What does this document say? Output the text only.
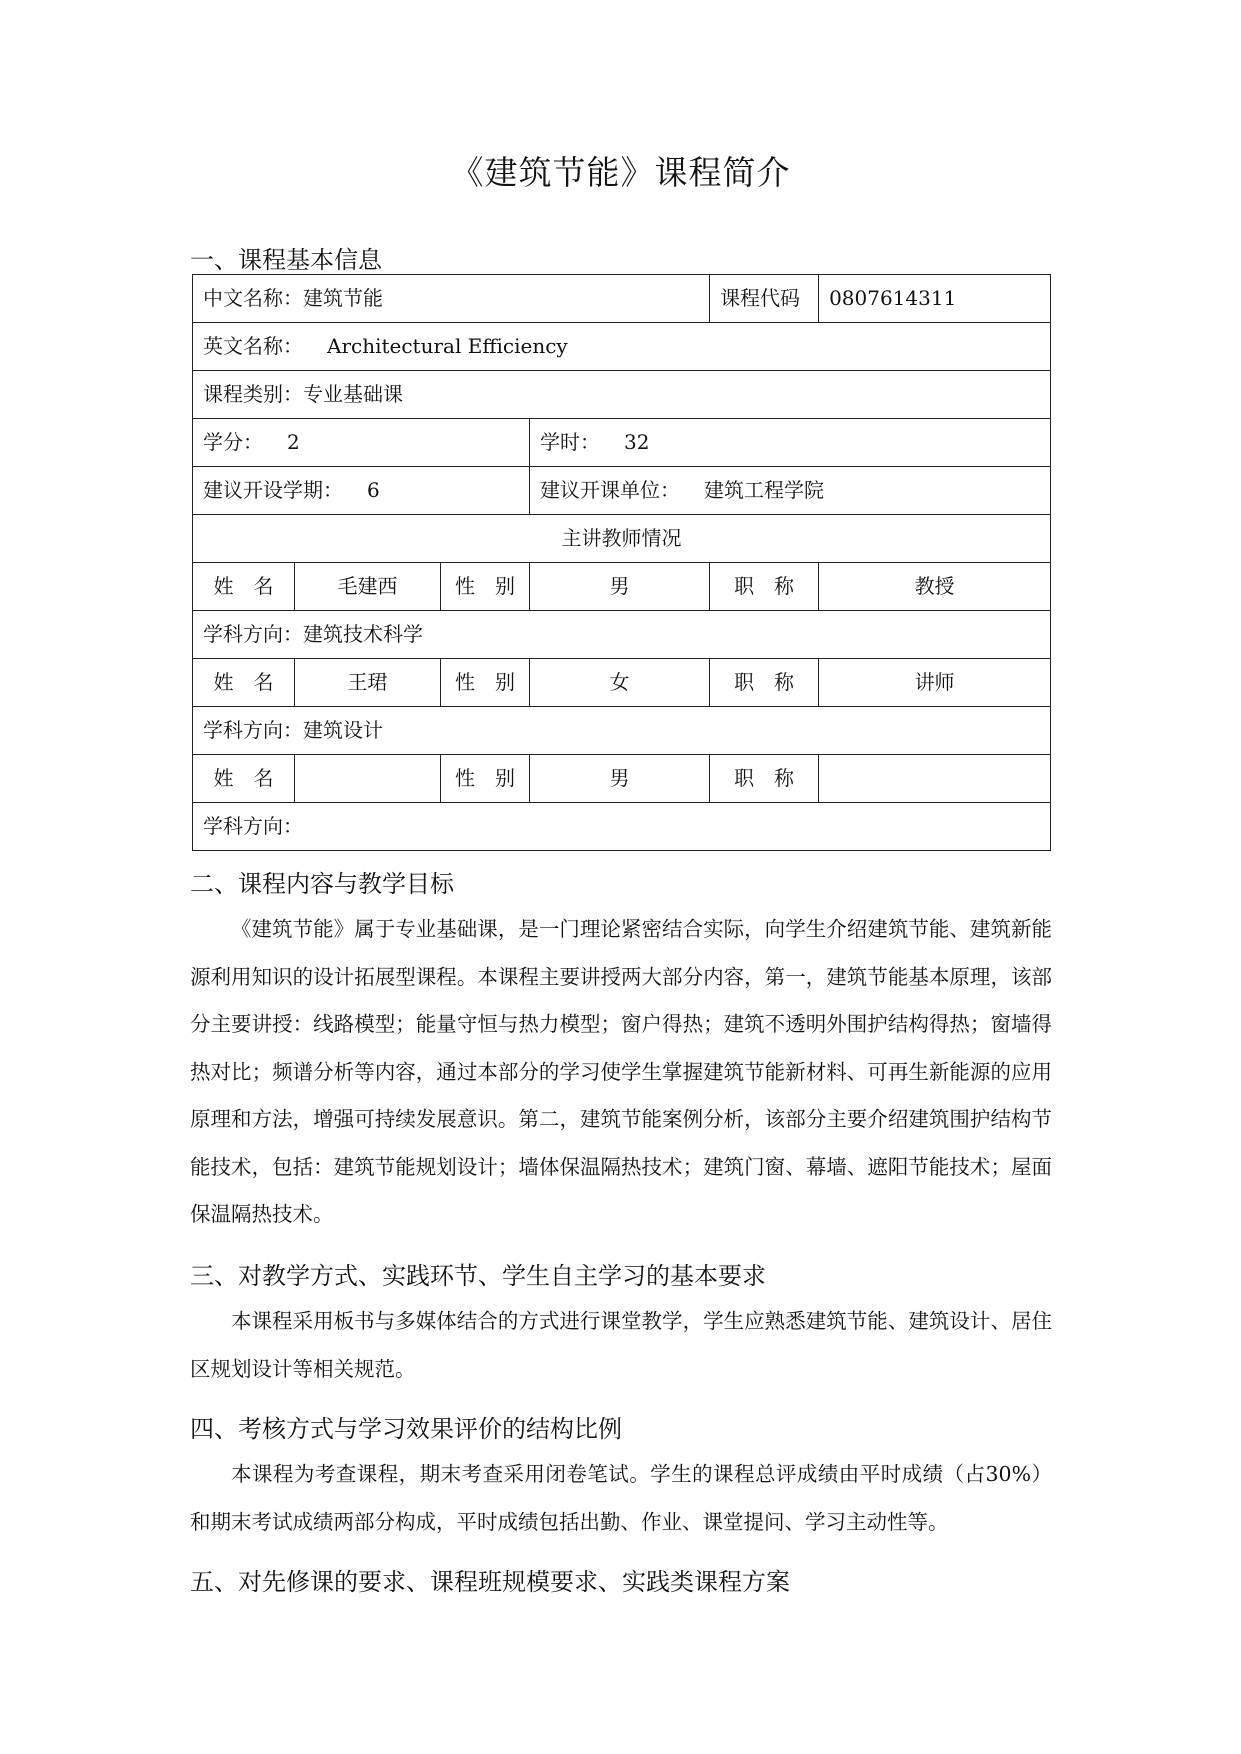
《建筑节能》课程简介
一、课程基本信息
中文名称：建筑节能				课程代码	0807614311
英文名称： Architectural Efficiency					
课程类别：专业基础课					
学分： 2			学时： 32		
建议开设学期： 6			建议开课单位： 建筑工程学院		
主讲教师情况					
姓　名	毛建西	性　别	男	职　称	教授
学科方向：建筑技术科学					
姓　名	王珺	性　别	女	职　称	讲师
学科方向：建筑设计					
姓　名		性　别	男	职　称	
学科方向：					
二、课程内容与教学目标

《建筑节能》属于专业基础课，是一门理论紧密结合实际，向学生介绍建筑节能、建筑新能源利用知识的设计拓展型课程。本课程主要讲授两大部分内容，第一，建筑节能基本原理，该部分主要讲授：线路模型；能量守恒与热力模型；窗户得热；建筑不透明外围护结构得热；窗墙得热对比；频谱分析等内容，通过本部分的学习使学生掌握建筑节能新材料、可再生新能源的应用原理和方法，增强可持续发展意识。第二，建筑节能案例分析，该部分主要介绍建筑围护结构节能技术，包括：建筑节能规划设计；墙体保温隔热技术；建筑门窗、幕墙、遮阳节能技术；屋面保温隔热技术。

三、对教学方式、实践环节、学生自主学习的基本要求

本课程采用板书与多媒体结合的方式进行课堂教学，学生应熟悉建筑节能、建筑设计、居住区规划设计等相关规范。

四、考核方式与学习效果评价的结构比例

本课程为考查课程，期末考查采用闭卷笔试。学生的课程总评成绩由平时成绩（占30%）和期末考试成绩两部分构成，平时成绩包括出勤、作业、课堂提问、学习主动性等。

五、对先修课的要求、课程班规模要求、实践类课程方案
